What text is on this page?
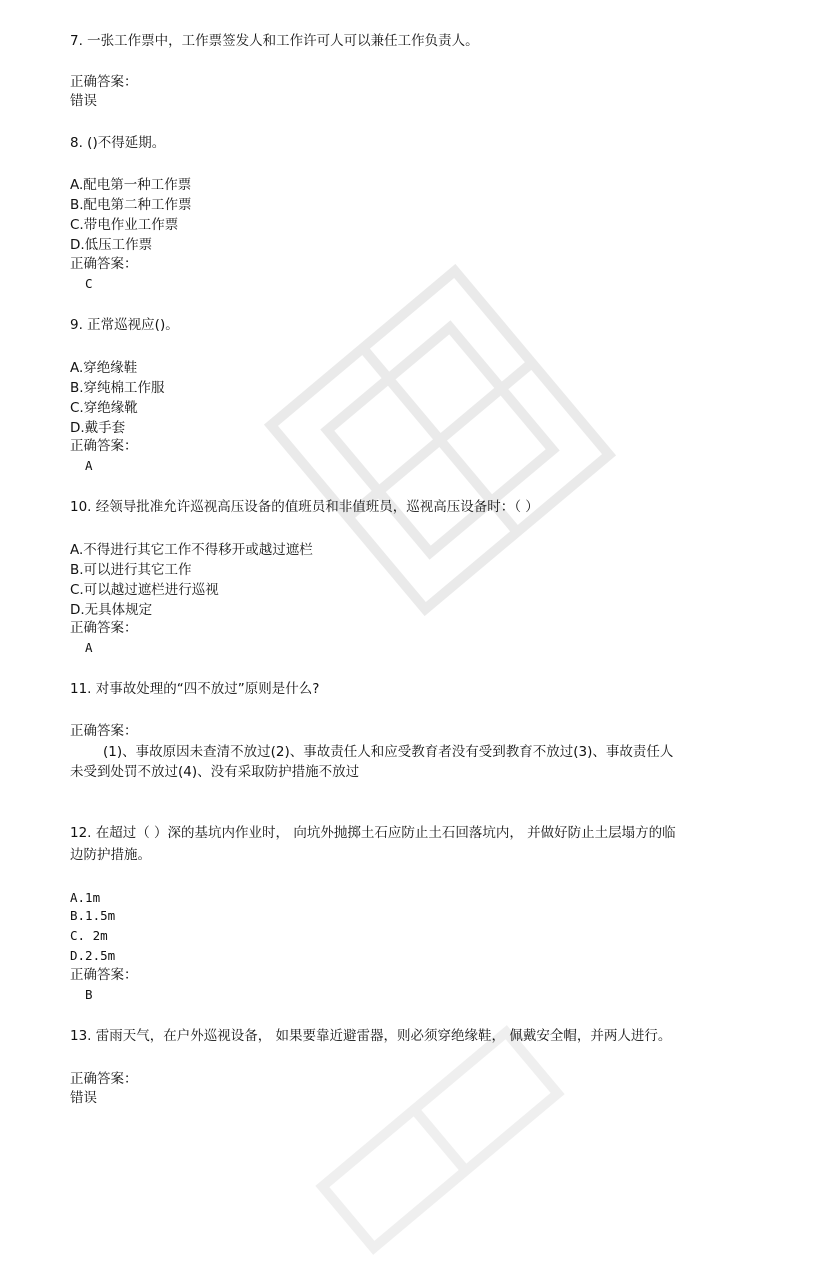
7. 一张工作票中，工作票签发人和工作许可人可以兼任工作负责人。
正确答案：
错误
8. ()不得延期。
A.配电第一种工作票
B.配电第二种工作票
C.带电作业工作票
D.低压工作票
正确答案：
C
9. 正常巡视应()。
A.穿绝缘鞋
B.穿纯棉工作服
C.穿绝缘靴
D.戴手套
正确答案：
A
10. 经领导批准允许巡视高压设备的值班员和非值班员，巡视高压设备时：（ ）
A.不得进行其它工作不得移开或越过遮栏
B.可以进行其它工作
C.可以越过遮栏进行巡视
D.无具体规定
正确答案：
A
11. 对事故处理的“四不放过”原则是什么?
正确答案：
(1)、事故原因未查清不放过(2)、事故责任人和应受教育者没有受到教育不放过(3)、事故责任人
未受到处罚不放过(4)、没有采取防护措施不放过
12. 在超过（ ）深的基坑内作业时， 向坑外抛掷土石应防止土石回落坑内， 并做好防止土层塌方的临
边防护措施。
A.1m
B.1.5m
C. 2m
D.2.5m
正确答案：
B
13. 雷雨天气，在户外巡视设备， 如果要靠近避雷器，则必须穿绝缘鞋， 佩戴安全帽，并两人进行。
正确答案：
错误
